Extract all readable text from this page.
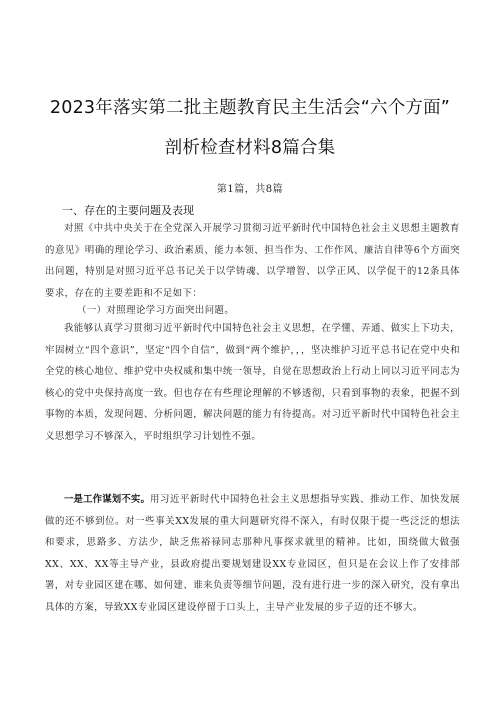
2023年落实第二批主题教育民主生活会“六个方面”
剖析检查材料8篇合集
第1篇，共8篇
一、存在的主要问题及表现

对照《中共中央关于在全党深入开展学习贯彻习近平新时代中国特色社会主义思想主题教育的意见》明确的理论学习、政治素质、能力本领、担当作为、工作作风、廉洁自律等6个方面突出问题，特别是对照习近平总书记关于以学铸魂、以学增智、以学正风、以学促干的12条具体要求，存在的主要差距和不足如下：

（一）对照理论学习方面突出问题。

我能够认真学习贯彻习近平新时代中国特色社会主义思想，在学懂、弄通、做实上下功夫，牢固树立“四个意识”，坚定“四个自信”，做到“两个维护，，，坚决维护习近平总书记在党中央和全党的核心地位、维护党中央权威和集中统一领导，自觉在思想政治上行动上同以习近平同志为核心的党中央保持高度一致。但也存在有些理论理解的不够透彻，只看到事物的表象，把握不到事物的本质，发现问题、分析问题，解决问题的能力有待提高。对习近平新时代中国特色社会主义思想学习不够深入，平时组织学习计划性不强。

一是工作谋划不实。用习近平新时代中国特色社会主义思想指导实践、推动工作、加快发展做的还不够到位。对一些事关XX发展的重大问题研究得不深入，有时仅限于提一些泛泛的想法和要求，思路多、方法少，缺乏焦裕禄同志那种凡事探求就里的精神。比如，围绕做大做强XX、XX、XX等主导产业，县政府提出要规划建设XX专业园区，但只是在会议上作了安排部署，对专业园区建在哪、如何建、谁来负责等细节问题，没有进行进一步的深入研究，没有拿出具体的方案，导致XX专业园区建设停留于口头上，主导产业发展的步子迈的还不够大。
